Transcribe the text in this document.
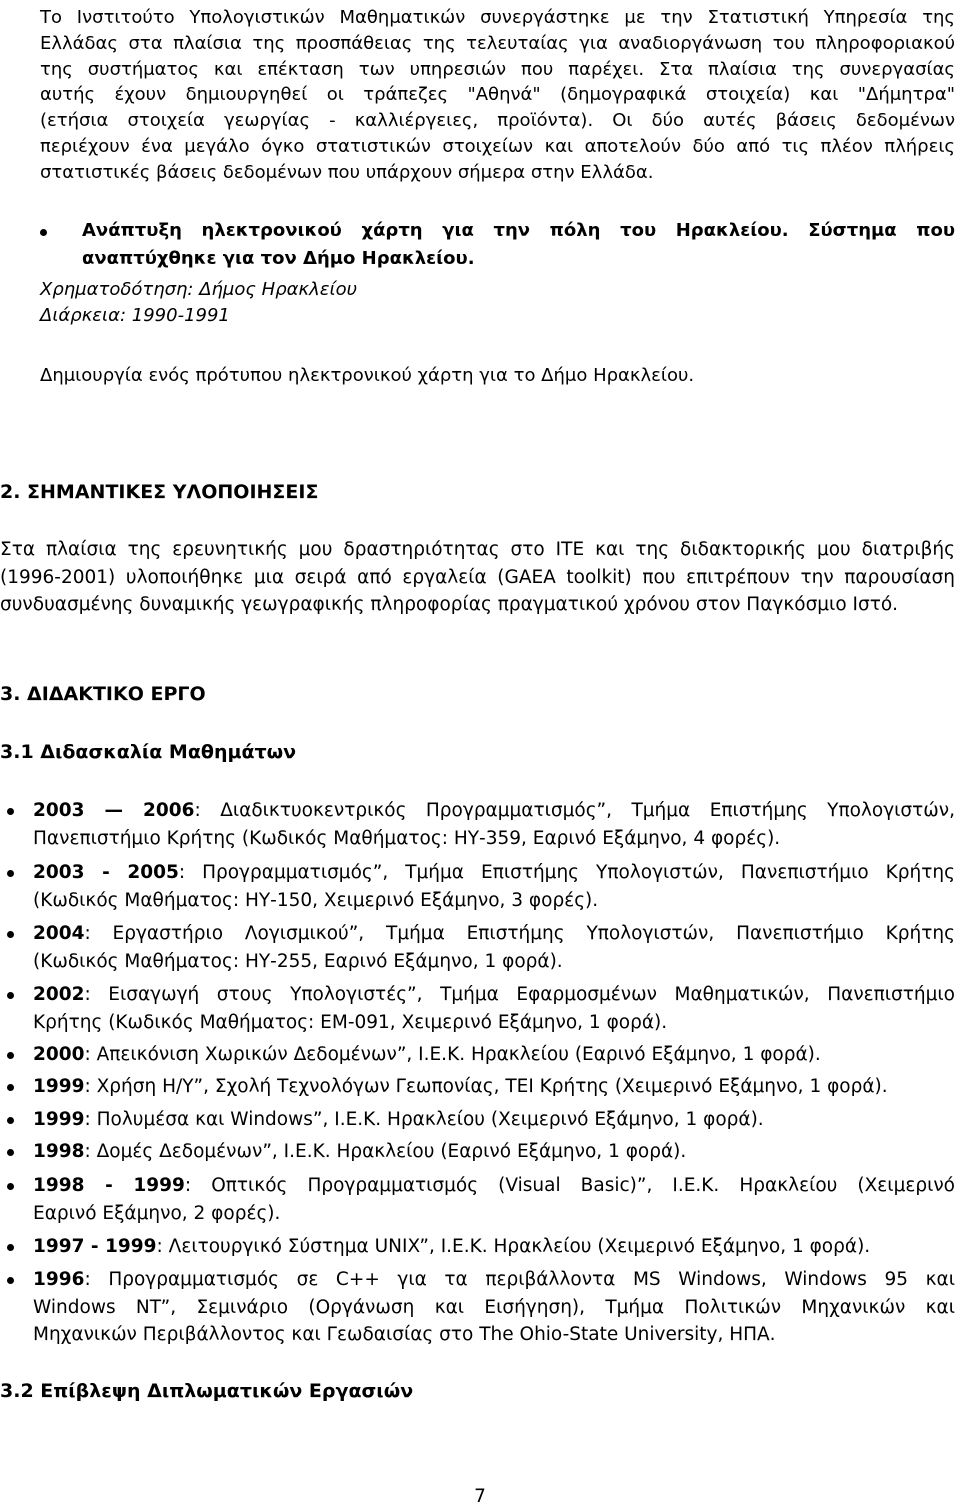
Το Ινστιτούτο Υπολογιστικών Μαθηματικών συνεργάστηκε με την Στατιστική Υπηρεσία της
Ελλάδας στα πλαίσια της προσπάθειας της τελευταίας για αναδιοργάνωση του πληροφοριακού
της συστήματος και επέκταση των υπηρεσιών που παρέχει. Στα πλαίσια της συνεργασίας
αυτής έχουν δημιουργηθεί οι τράπεζες "Αθηνά" (δημογραφικά στοιχεία) και "Δήμητρα"
(ετήσια στοιχεία γεωργίας - καλλιέργειες, προϊόντα). Οι δύο αυτές βάσεις δεδομένων
περιέχουν ένα μεγάλο όγκο στατιστικών στοιχείων και αποτελούν δύο από τις πλέον πλήρεις
στατιστικές βάσεις δεδομένων που υπάρχουν σήμερα στην Ελλάδα.
Ανάπτυξη ηλεκτρονικού χάρτη για την πόλη του Ηρακλείου. Σύστημα που
αναπτύχθηκε για τον Δήμο Ηρακλείου.
Χρηματοδότηση: Δήμος Ηρακλείου
Διάρκεια: 1990-1991
Δημιουργία ενός πρότυπου ηλεκτρονικού χάρτη για το Δήμο Ηρακλείου.
2. ΣΗΜΑΝΤΙΚΕΣ ΥΛΟΠΟΙΗΣΕΙΣ
Στα πλαίσια της ερευνητικής μου δραστηριότητας στο ΙΤΕ και της διδακτορικής μου διατριβής
(1996-2001) υλοποιήθηκε μια σειρά από εργαλεία (GAEA toolkit) που επιτρέπουν την παρουσίαση
συνδυασμένης δυναμικής γεωγραφικής πληροφορίας πραγματικού χρόνου στον Παγκόσμιο Ιστό.
3. ΔΙΔΑΚΤΙΚΟ ΕΡΓΟ
3.1 Διδασκαλία Μαθημάτων
2003 — 2006: Διαδικτυοκεντρικός Προγραμματισμός”, Τμήμα Επιστήμης Υπολογιστών,
Πανεπιστήμιο Κρήτης (Κωδικός Μαθήματος: ΗΥ-359, Εαρινό Εξάμηνο, 4 φορές).
2003 - 2005: Προγραμματισμός”, Τμήμα Επιστήμης Υπολογιστών, Πανεπιστήμιο Κρήτης
(Κωδικός Μαθήματος: ΗΥ-150, Χειμερινό Εξάμηνο, 3 φορές).
2004: Εργαστήριο Λογισμικού”, Τμήμα Επιστήμης Υπολογιστών, Πανεπιστήμιο Κρήτης
(Κωδικός Μαθήματος: ΗΥ-255, Εαρινό Εξάμηνο, 1 φορά).
2002: Εισαγωγή στους Υπολογιστές”, Τμήμα Εφαρμοσμένων Μαθηματικών, Πανεπιστήμιο
Κρήτης (Κωδικός Μαθήματος: ΕΜ-091, Χειμερινό Εξάμηνο, 1 φορά).
2000: Απεικόνιση Χωρικών Δεδομένων”, Ι.Ε.Κ. Ηρακλείου (Εαρινό Εξάμηνο, 1 φορά).
1999: Χρήση Η/Υ”, Σχολή Τεχνολόγων Γεωπονίας, ΤΕΙ Κρήτης (Χειμερινό Εξάμηνο, 1 φορά).
1999: Πολυμέσα και Windows”, Ι.Ε.Κ. Ηρακλείου (Χειμερινό Εξάμηνο, 1 φορά).
1998: Δομές Δεδομένων”, Ι.Ε.Κ. Ηρακλείου (Εαρινό Εξάμηνο, 1 φορά).
1998 - 1999: Οπτικός Προγραμματισμός (Visual Basic)”, Ι.Ε.Κ. Ηρακλείου (Χειμερινό
Εαρινό Εξάμηνο, 2 φορές).
1997 - 1999: Λειτουργικό Σύστημα UNIX”, Ι.Ε.Κ. Ηρακλείου (Χειμερινό Εξάμηνο, 1 φορά).
1996: Προγραμματισμός σε C++ για τα περιβάλλοντα MS Windows, Windows 95 και
Windows NT”, Σεμινάριο (Οργάνωση και Εισήγηση), Τμήμα Πολιτικών Μηχανικών και
Μηχανικών Περιβάλλοντος και Γεωδαισίας στο The Ohio-State University, ΗΠΑ.
3.2 Επίβλεψη Διπλωματικών Εργασιών
7
